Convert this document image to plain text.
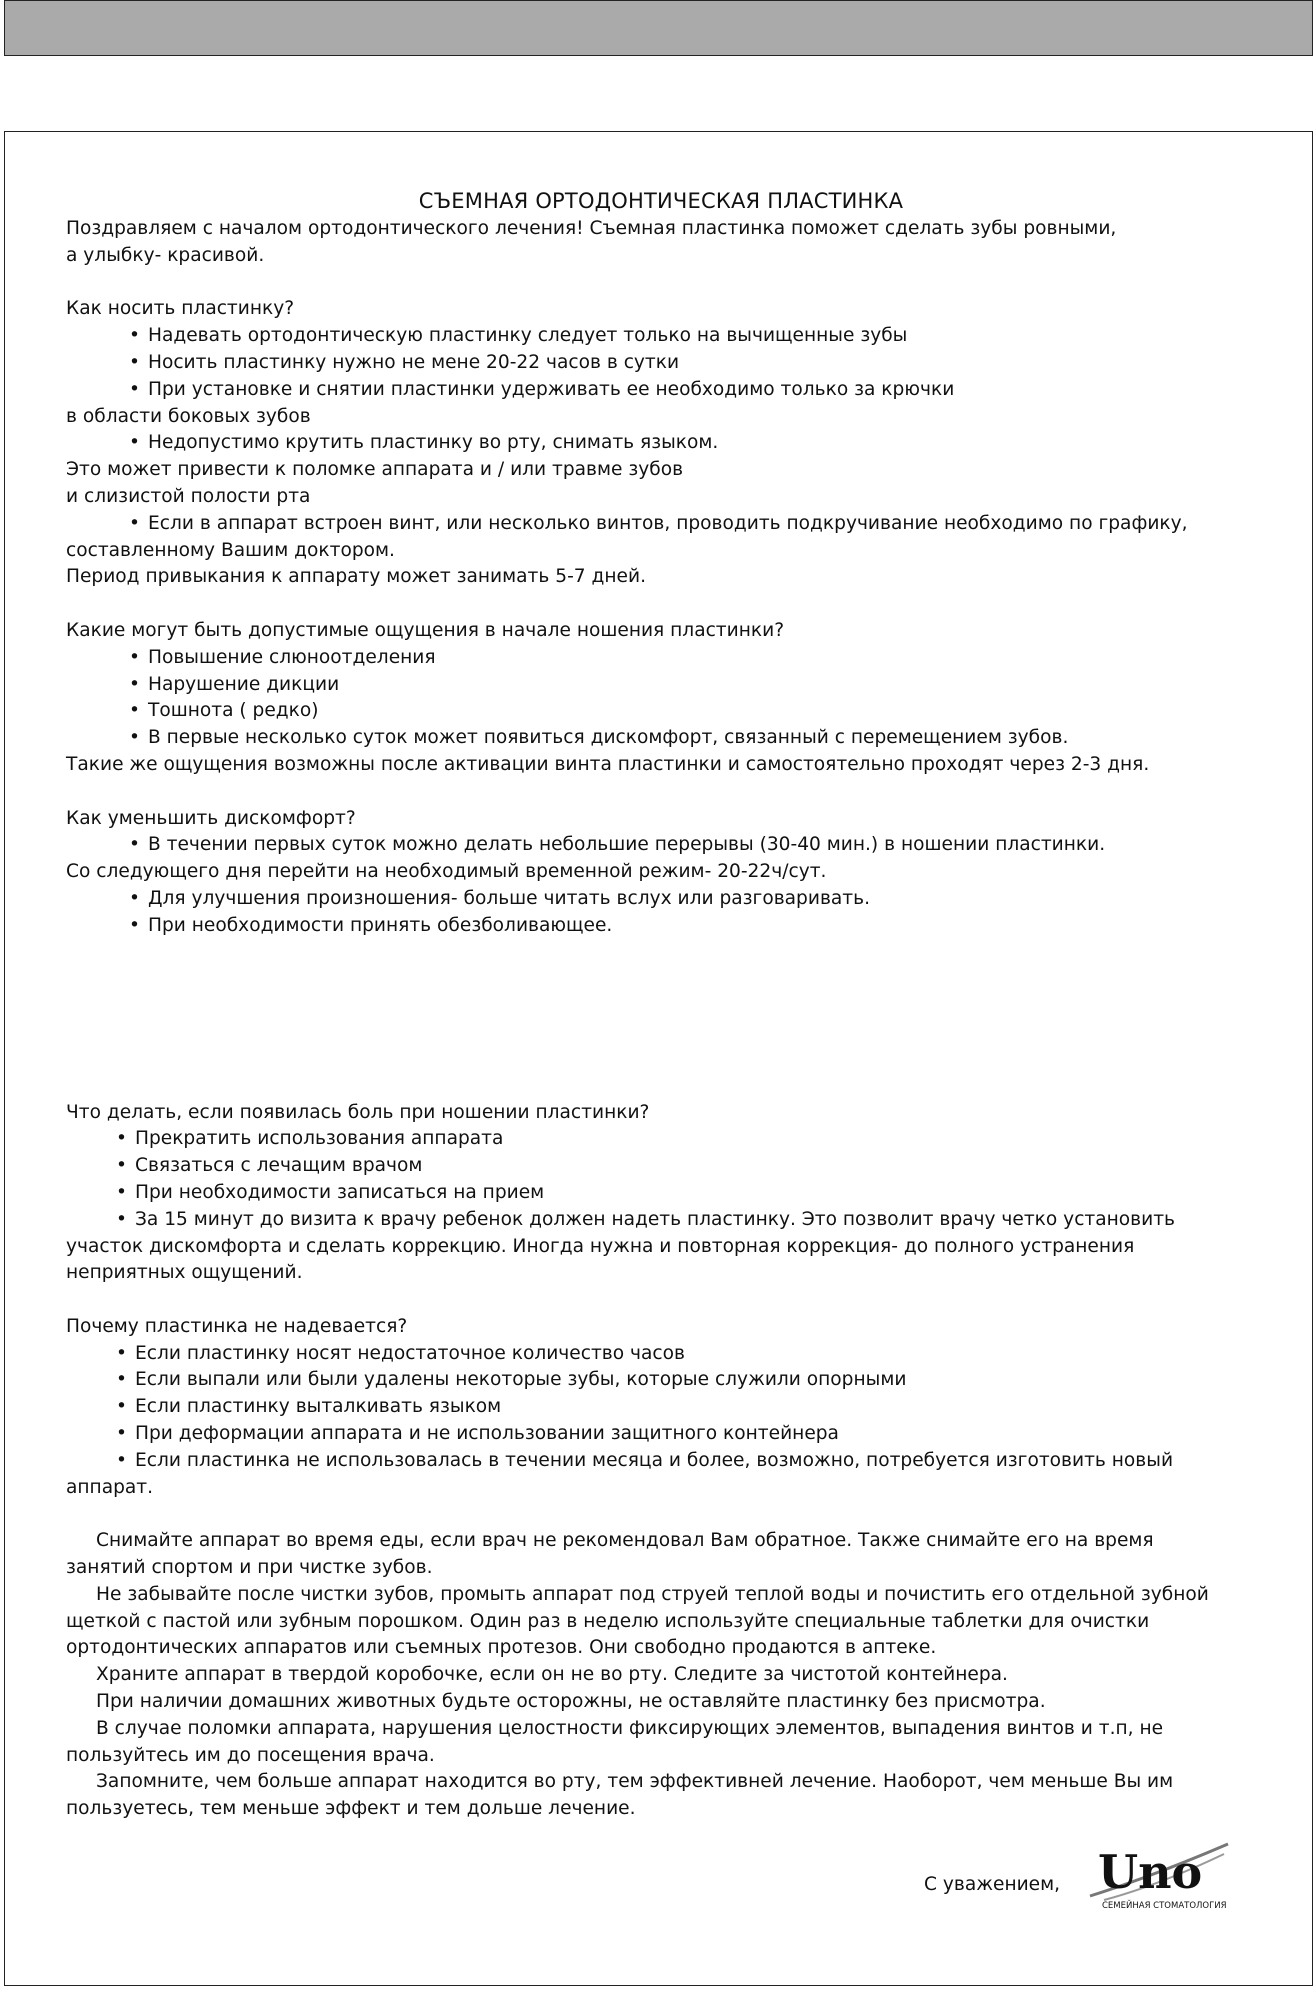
СЪЕМНАЯ ОРТОДОНТИЧЕСКАЯ ПЛАСТИНКА

Поздравляем с началом ортодонтического лечения! Съемная пластинка поможет сделать зубы ровными,

а улыбку- красивой.

Как носить пластинку?

• Надевать ортодонтическую пластинку следует только на вычищенные зубы

• Носить пластинку нужно не мене 20-22 часов в сутки

• При установке и снятии пластинки удерживать ее необходимо только за крючки

в области боковых зубов

• Недопустимо крутить пластинку во рту, снимать языком.

Это может привести к поломке аппарата и / или травме зубов

и слизистой полости рта

• Если в аппарат встроен винт, или несколько винтов, проводить подкручивание необходимо по графику,

составленному Вашим доктором.

Период привыкания к аппарату может занимать 5-7 дней.

Какие могут быть допустимые ощущения в начале ношения пластинки?

• Повышение слюноотделения

• Нарушение дикции

• Тошнота ( редко)

• В первые несколько суток может появиться дискомфорт, связанный с перемещением зубов.

Такие же ощущения возможны после активации винта пластинки и самостоятельно проходят через 2-3 дня.

Как уменьшить дискомфорт?

• В течении первых суток можно делать небольшие перерывы (30-40 мин.) в ношении пластинки.

Со следующего дня перейти на необходимый временной режим- 20-22ч/сут.

• Для улучшения произношения- больше читать вслух или разговаривать.

• При необходимости принять обезболивающее.

Что делать, если появилась боль при ношении пластинки?

• Прекратить использования аппарата

• Связаться с лечащим врачом

• При необходимости записаться на прием

• За 15 минут до визита к врачу ребенок должен надеть пластинку. Это позволит врачу четко установить

участок дискомфорта и сделать коррекцию. Иногда нужна и повторная коррекция- до полного устранения

неприятных ощущений.

Почему пластинка не надевается?

• Если пластинку носят недостаточное количество часов

• Если выпали или были удалены некоторые зубы, которые служили опорными

• Если пластинку выталкивать языком

• При деформации аппарата и не использовании защитного контейнера

• Если пластинка не использовалась в течении месяца и более, возможно, потребуется изготовить новый

аппарат.

Снимайте аппарат во время еды, если врач не рекомендовал Вам обратное. Также снимайте его на время

занятий спортом и при чистке зубов.

Не забывайте после чистки зубов, промыть аппарат под струей теплой воды и почистить его отдельной зубной

щеткой с пастой или зубным порошком. Один раз в неделю используйте специальные таблетки для очистки

ортодонтических аппаратов или съемных протезов. Они свободно продаются в аптеке.

Храните аппарат в твердой коробочке, если он не во рту. Следите за чистотой контейнера.

При наличии домашних животных будьте осторожны, не оставляйте пластинку без присмотра.

В случае поломки аппарата, нарушения целостности фиксирующих элементов, выпадения винтов и т.п, не

пользуйтесь им до посещения врача.

Запомните, чем больше аппарат находится во рту, тем эффективней лечение. Наоборот, чем меньше Вы им

пользуетесь, тем меньше эффект и тем дольше лечение.

С уважением, Uno
СЕМЕЙНАЯ СТОМАТОЛОГИЯ
